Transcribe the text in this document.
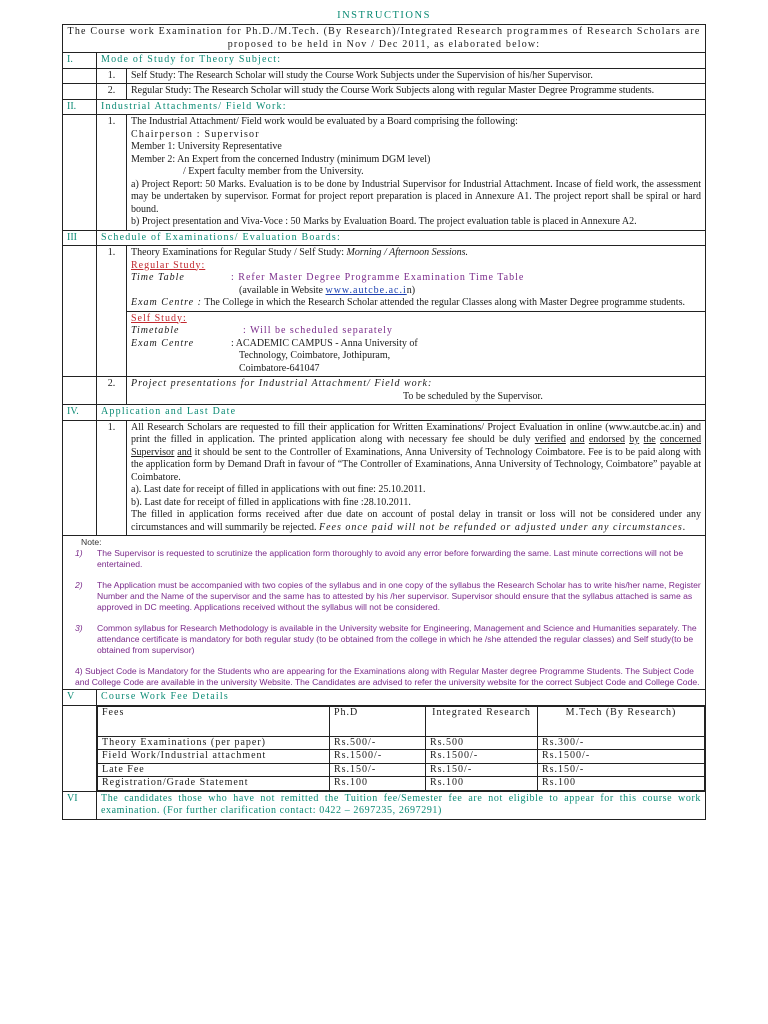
INSTRUCTIONS
The Course work Examination for Ph.D./M.Tech. (By Research)/Integrated Research programmes of Research Scholars are proposed to be held in Nov / Dec 2011, as elaborated below:
I.	Mode of Study for Theory Subject:
	1.	Self Study: The Research Scholar will study the Course Work Subjects under the Supervision of his/her Supervisor.
	2.	Regular Study: The Research Scholar will study the Course Work Subjects along with regular Master Degree Programme students.
II.	Industrial Attachments/ Field Work:
	1.	The Industrial Attachment/ Field work would be evaluated by a Board comprising the following:
Chairperson : Supervisor
Member 1: University Representative
Member 2: An Expert from the concerned Industry (minimum DGM level)
/ Expert faculty member from the University.
a) Project Report: 50 Marks. Evaluation is to be done by Industrial Supervisor for Industrial Attachment. Incase of field work, the assessment may be undertaken by supervisor. Format for project report preparation is placed in Annexure A1. The project report shall be spiral or hard bound.
b) Project presentation and Viva-Voce : 50 Marks by Evaluation Board. The project evaluation table is placed in Annexure A2.

III	Schedule of Examinations/ Evaluation Boards:
	1.	Theory Examinations for Regular Study / Self Study: Morning / Afternoon Sessions.
Regular Study:
Time Table	: Refer Master Degree Programme Examination Time Table
(available in Website www.autcbe.ac.in)
Exam Centre : The College in which the Research Scholar attended the regular Classes along with Master Degree programme students.
Self Study:
Timetable	: Will be scheduled separately
Exam Centre	: ACADEMIC CAMPUS - Anna University of
Technology, Coimbatore, Jothipuram,
Coimbatore-641047

	2.	Project presentations for Industrial Attachment/ Field work:
To be scheduled by the Supervisor.

IV.	Application and Last Date
	1.	All Research Scholars are requested to fill their application for Written Examinations/ Project Evaluation in online (www.autcbe.ac.in) and print the filled in application. The printed application along with necessary fee should be duly verified and endorsed by the concerned Supervisor and it should be sent to the Controller of Examinations, Anna University of Technology Coimbatore. Fee is to be paid along with the application form by Demand Draft in favour of “The Controller of Examinations, Anna University of Technology, Coimbatore” payable at Coimbatore.
a). Last date for receipt of filled in applications with out fine: 25.10.2011.
b). Last date for receipt of filled in applications with fine :28.10.2011.
The filled in application forms received after due date on account of postal delay in transit or loss will not be considered under any circumstances and will summarily be rejected. Fees once paid will not be refunded or adjusted under any circumstances.

Note:
1) The Supervisor is requested to scrutinize the application form thoroughly to avoid any error before forwarding the same. Last minute corrections will not be entertained.
2) The Application must be accompanied with two copies of the syllabus and in one copy of the syllabus the Research Scholar has to write his/her name, Register Number and the Name of the supervisor and the same has to attested by his /her supervisor. Supervisor should ensure that the syllabus attached is same as approved in DC meeting. Applications received without the syllabus will not be considered.
3) Common syllabus for Research Methodology is available in the University website for Engineering, Management and Science and Humanities separately. The attendance certificate is mandatory for both regular study (to be obtained from the college in which he /she attended the regular classes) and Self study(to be obtained from supervisor)
4) Subject Code is Mandatory for the Students who are appearing for the Examinations along with Regular Master degree Programme Students. The Subject Code and College Code are available in the university Website. The Candidates are advised to refer the university website for the correct Subject Code and College Code.

V	Course Work Fee Details

Fees	Ph.D	Integrated Research	M.Tech (By Research)
Theory Examinations (per paper)	Rs.500/-	Rs.500	Rs.300/-
Field Work/Industrial attachment	Rs.1500/-	Rs.1500/-	Rs.1500/-
Late Fee	Rs.150/-	Rs.150/-	Rs.150/-
Registration/Grade Statement	Rs.100	Rs.100	Rs.100

VI	The candidates those who have not remitted the Tuition fee/Semester fee are not eligible to appear for this course work examination. (For further clarification contact: 0422 – 2697235, 2697291)
